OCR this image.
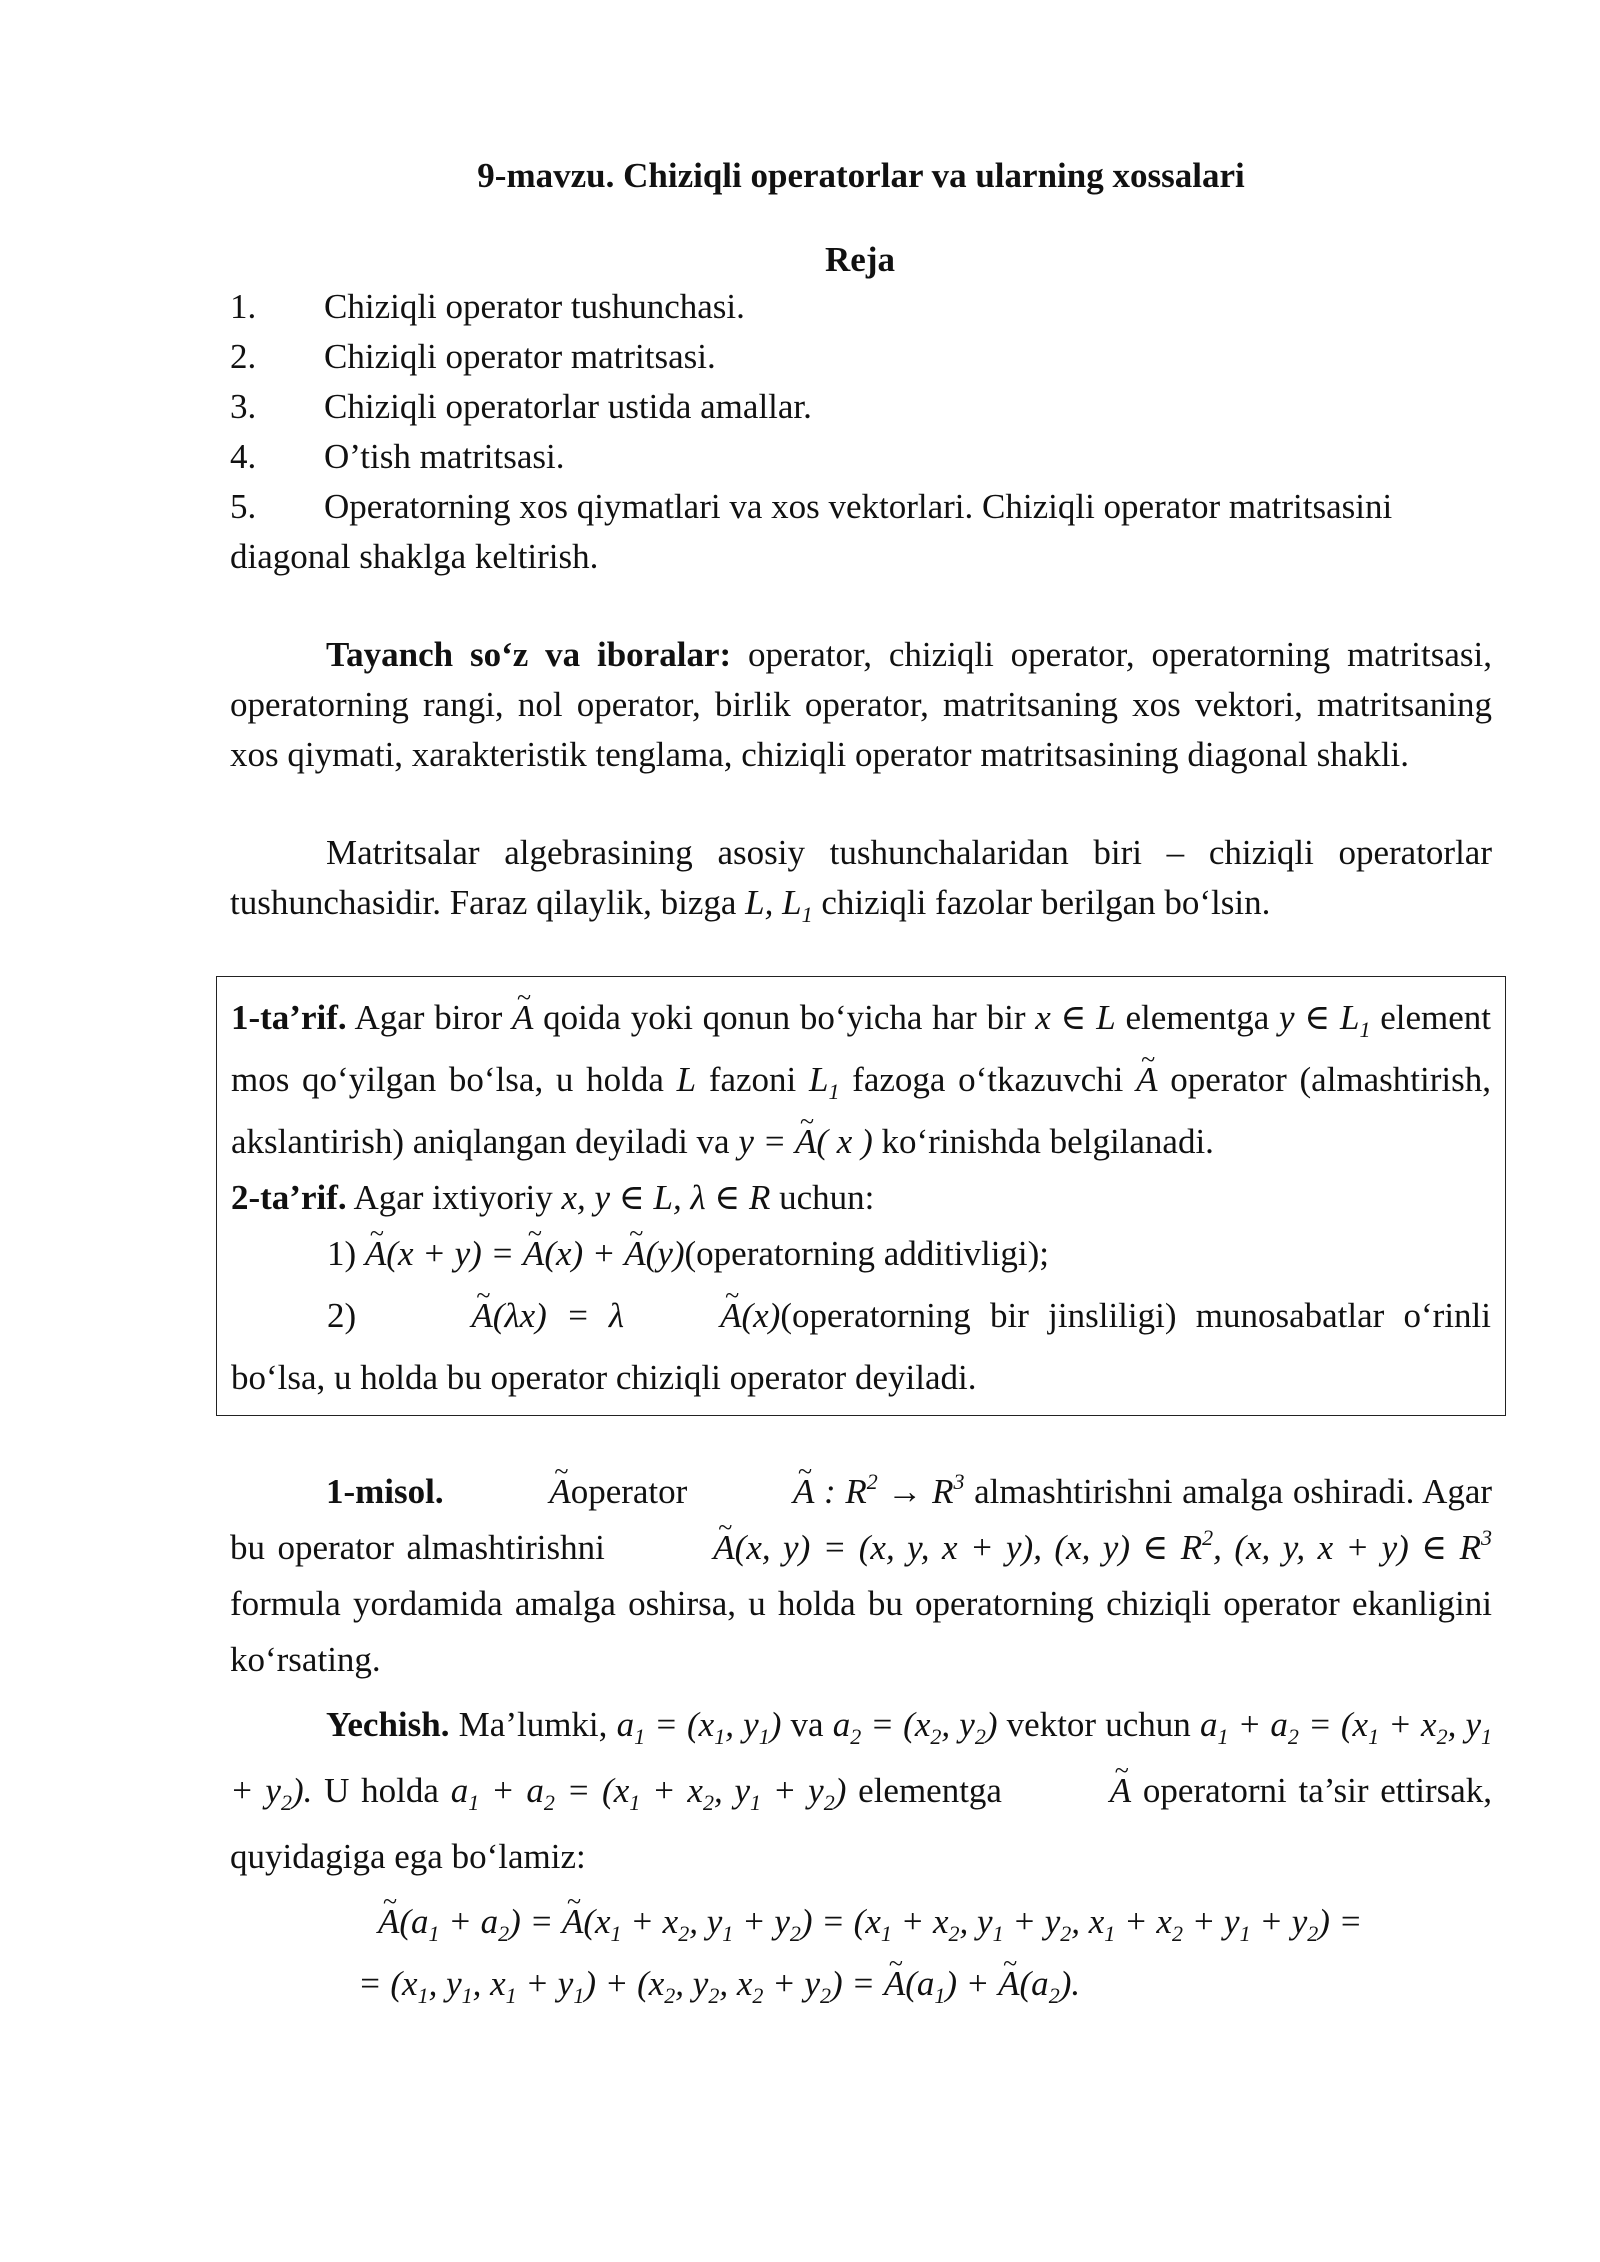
9-mavzu. Chiziqli operatorlar va ularning xossalari

Reja

1. Chiziqli operator tushunchasi.
2. Chiziqli operator matritsasi.
3. Chiziqli operatorlar ustida amallar.
4. O’tish matritsasi.
5. Operatorning xos qiymatlari va xos vektorlari. Chiziqli operator matritsasini diagonal shaklga keltirish.

Tayanch so‘z va iboralar: operator, chiziqli operator, operatorning matritsasi, operatorning rangi, nol operator, birlik operator, matritsaning xos vektori, matritsaning xos qiymati, xarakteristik tenglama, chiziqli operator matritsasining diagonal shakli.

Matritsalar algebrasining asosiy tushunchalaridan biri – chiziqli operatorlar tushunchasidir. Faraz qilaylik, bizga L, $L_1$ chiziqli fazolar berilgan bo‘lsin.

1-ta’rif. Agar biror ~ A qoida yoki qonun bo‘yicha har bir x ∈ L elementga y ∈ $L_1$ element mos qo‘yilgan bo‘lsa, u holda L fazoni $L_1$ fazoga o‘tkazuvchi ~ A operator (almashtirish, akslantirish) aniqlangan deyiladi va y = ~ A( x ) ko‘rinishda belgilanadi.

2-ta’rif. Agar ixtiyoriy x, y ∈ L, λ ∈ R uchun:

1) ~ A(x + y) = ~ A(x) + ~ A(y)(operatorning additivligi);

2)	~ A(λx) = λ	~ A(x)(operatorning bir jinsliligi) munosabatlar o‘rinli bo‘lsa, u holda bu operator chiziqli operator deyiladi.

1-misol.	~ Aoperator	~ A : $R^2 \to R^3$ almashtirishni amalga oshiradi. Agar bu operator almashtirishni	~ A(x, y) = (x, y, x + y), (x, y) ∈ $R^2$, (x, y, x + y) ∈ $R^3$ formula yordamida amalga oshirsa, u holda bu operatorning chiziqli operator ekanligini ko‘rsating.

Yechish. Ma’lumki, $a_1 = (x_1$, $y_1$) va $a_2 = (x_2$, $y_2$) vektor uchun $a_1 + a_2 = (x_1 + x_2$, $y_1 + y_2$). U holda $a_1 + a_2 = (x_1 + x_2$, $y_1 + y_2$) elementga	~ A operatorni ta’sir ettirsak, quyidagiga ega bo‘lamiz:

~ $A(a_1 + a_2)$ = ~ $A(x_1 + x_2$, $y_1 + y_2) = (x_1 + x_2$, $y_1 + y_2$, $x_1 + x_2 + y_1 + y_2$) =

= ($x_1$, $y_1$, $x_1 + y_1) + (x_2$, $y_2$, $x_2 + y_2$) = ~ $A(a_1)$ + ~ $A(a_2)$.
